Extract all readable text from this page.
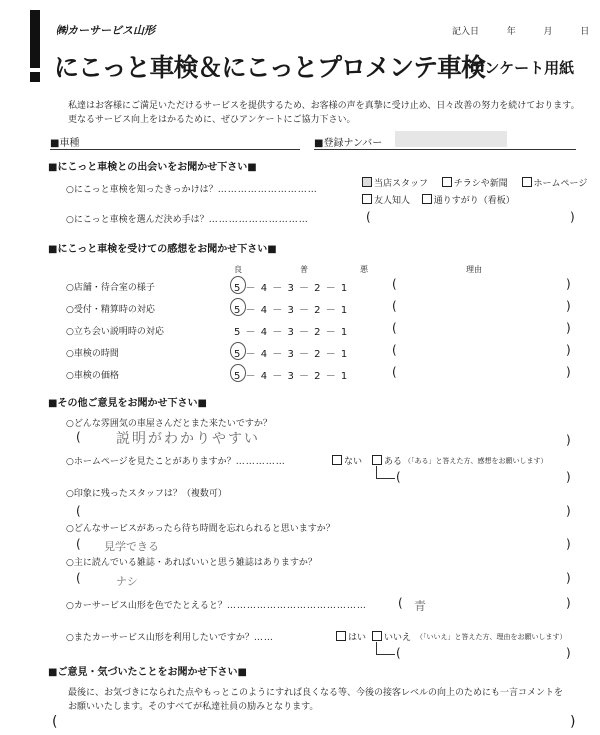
㈱カーサービス山形	記入日	年	月	日
にこっと車検＆にこっとプロメンテ車検
アンケート用紙
私達はお客様にご満足いただけるサービスを提供するため、お客様の声を真摯に受け止め、日々改善の努力を続けております。
更なるサービス向上をはかるために、ぜひアンケートにご協力下さい。
■車種	■登録ナンバー
■にこっと車検との出会いをお聞かせ下さい■
○にこっと車検を知ったきっかけは？…………………………
当店スタッフ	チラシや新聞	ホームページ
友人知人	通りすがり（看板）
○にこっと車検を選んだ決め手は？…………………………	(	)
■にこっと車検を受けての感想をお聞かせ下さい■
良	普	悪	理由
○店舗・待合室の様子	5 － 4 － 3 － 2 － 1	(	)
○受付・精算時の対応	5 － 4 － 3 － 2 － 1	(	)
○立ち会い説明時の対応	5 － 4 － 3 － 2 － 1	(	)
○車検の時間	5 － 4 － 3 － 2 － 1	(	)
○車検の価格	5 － 4 － 3 － 2 － 1	(	)
■その他ご意見をお聞かせ下さい■
○どんな雰囲気の車屋さんだとまた来たいですか？
(	説明がわかりやすい	)
○ホームページを見たことがありますか？……………	ない	ある （「ある」と答えた方、感想をお願いします）
(	)
○印象に残ったスタッフは？（複数可）
(	)
○どんなサービスがあったら待ち時間を忘れられると思いますか？
( 見学できる	)
○主に読んでいる雑誌・あればいいと思う雑誌はありますか？
(	ナシ	)
○カーサービス山形を色でたとえると？……………………………………	( 青	)
○またカーサービス山形を利用したいですか？……	はい	いいえ （「いいえ」と答えた方、理由をお願いします）
(	)
■ご意見・気づいたことをお聞かせ下さい■
最後に、お気づきになられた点やもっとこのようにすれば良くなる等、今後の接客レベルの向上のためにも一言コメントを
お願いいたします。そのすべてが私達社員の励みとなります。
(	)
